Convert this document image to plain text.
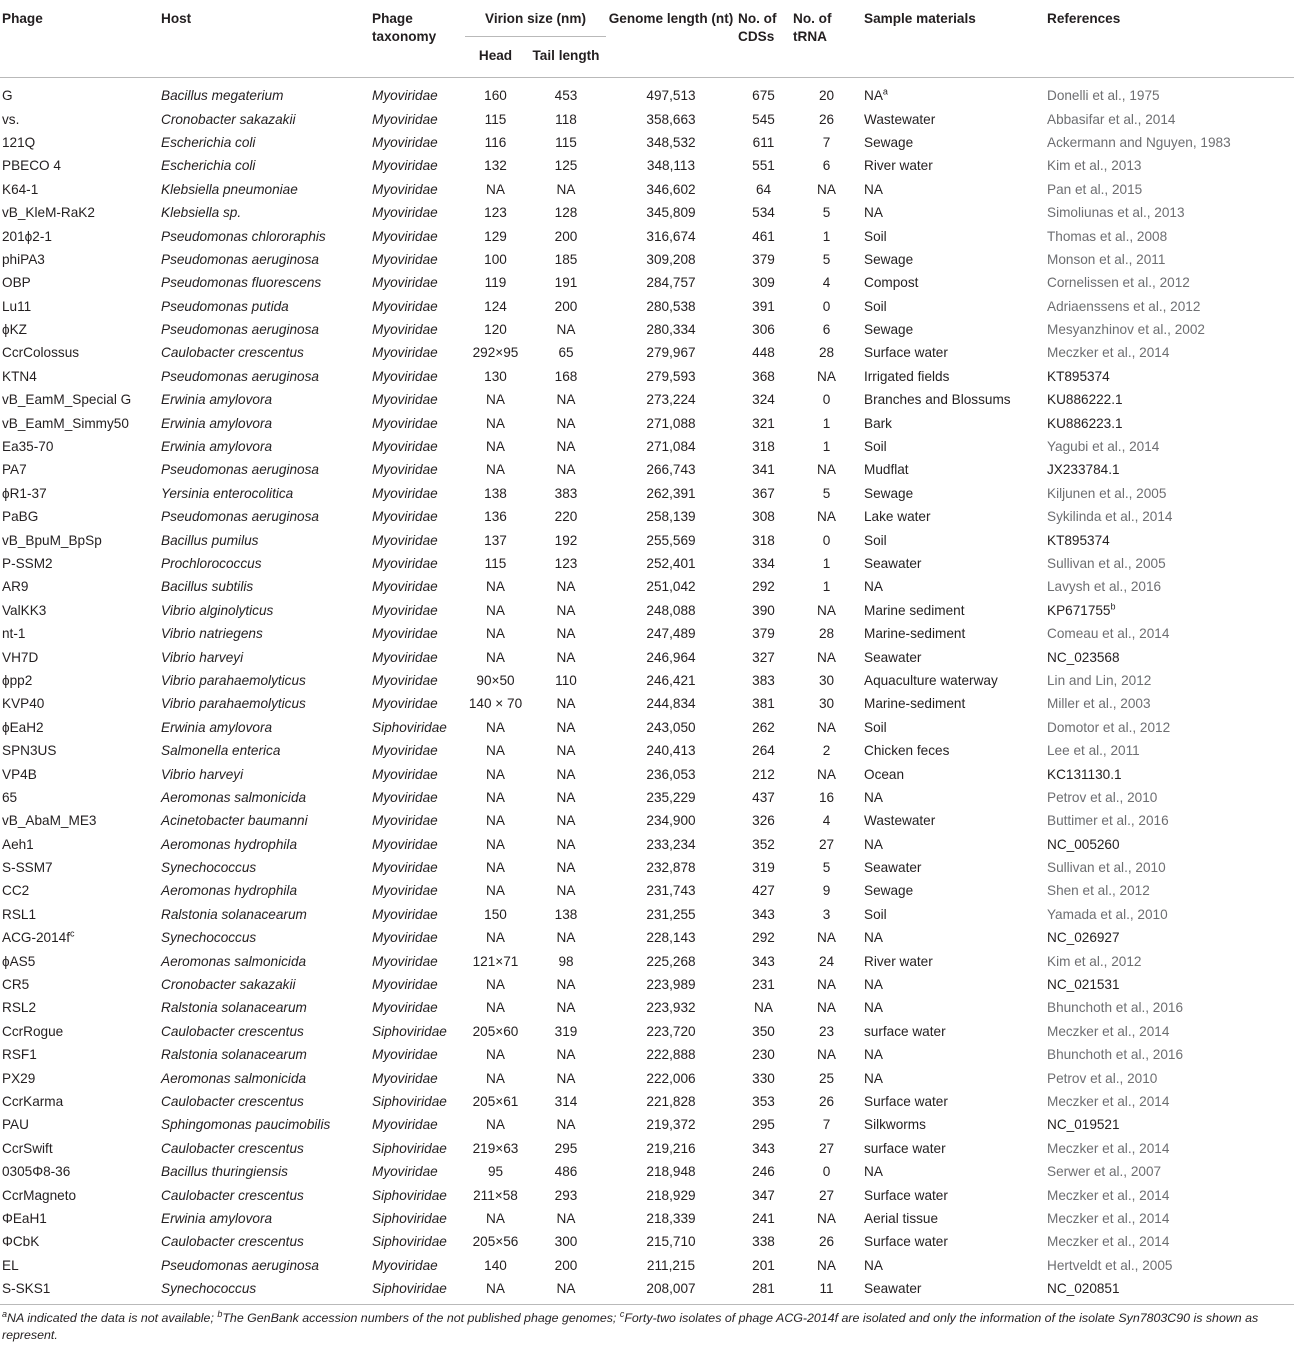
Phage	Host	Phage taxonomy	Virion size (nm)		Genome length (nt)	No. of CDSs	No. of tRNA	Sample materials	References
			Head	Tail length					
G	Bacillus megaterium	Myoviridae	160	453	497,513	675	20	$NA^a$	Donelli et al., 1975
vs.	Cronobacter sakazakii	Myoviridae	115	118	358,663	545	26	Wastewater	Abbasifar et al., 2014
121Q	Escherichia coli	Myoviridae	116	115	348,532	611	7	Sewage	Ackermann and Nguyen, 1983
PBECO 4	Escherichia coli	Myoviridae	132	125	348,113	551	6	River water	Kim et al., 2013
K64-1	Klebsiella pneumoniae	Myoviridae	NA	NA	346,602	64	NA	NA	Pan et al., 2015
vB_KleM-RaK2	Klebsiella sp.	Myoviridae	123	128	345,809	534	5	NA	Simoliunas et al., 2013
201ϕ2-1	Pseudomonas chlororaphis	Myoviridae	129	200	316,674	461	1	Soil	Thomas et al., 2008
phiPA3	Pseudomonas aeruginosa	Myoviridae	100	185	309,208	379	5	Sewage	Monson et al., 2011
OBP	Pseudomonas fluorescens	Myoviridae	119	191	284,757	309	4	Compost	Cornelissen et al., 2012
Lu11	Pseudomonas putida	Myoviridae	124	200	280,538	391	0	Soil	Adriaenssens et al., 2012
ϕKZ	Pseudomonas aeruginosa	Myoviridae	120	NA	280,334	306	6	Sewage	Mesyanzhinov et al., 2002
CcrColossus	Caulobacter crescentus	Myoviridae	292×95	65	279,967	448	28	Surface water	Meczker et al., 2014
KTN4	Pseudomonas aeruginosa	Myoviridae	130	168	279,593	368	NA	Irrigated fields	KT895374
vB_EamM_Special G	Erwinia amylovora	Myoviridae	NA	NA	273,224	324	0	Branches and Blossums	KU886222.1
vB_EamM_Simmy50	Erwinia amylovora	Myoviridae	NA	NA	271,088	321	1	Bark	KU886223.1
Ea35-70	Erwinia amylovora	Myoviridae	NA	NA	271,084	318	1	Soil	Yagubi et al., 2014
PA7	Pseudomonas aeruginosa	Myoviridae	NA	NA	266,743	341	NA	Mudflat	JX233784.1
ϕR1-37	Yersinia enterocolitica	Myoviridae	138	383	262,391	367	5	Sewage	Kiljunen et al., 2005
PaBG	Pseudomonas aeruginosa	Myoviridae	136	220	258,139	308	NA	Lake water	Sykilinda et al., 2014
vB_BpuM_BpSp	Bacillus pumilus	Myoviridae	137	192	255,569	318	0	Soil	KT895374
P-SSM2	Prochlorococcus	Myoviridae	115	123	252,401	334	1	Seawater	Sullivan et al., 2005
AR9	Bacillus subtilis	Myoviridae	NA	NA	251,042	292	1	NA	Lavysh et al., 2016
ValKK3	Vibrio alginolyticus	Myoviridae	NA	NA	248,088	390	NA	Marine sediment	KP671755$^b$
nt-1	Vibrio natriegens	Myoviridae	NA	NA	247,489	379	28	Marine-sediment	Comeau et al., 2014
VH7D	Vibrio harveyi	Myoviridae	NA	NA	246,964	327	NA	Seawater	NC_023568
ϕpp2	Vibrio parahaemolyticus	Myoviridae	90×50	110	246,421	383	30	Aquaculture waterway	Lin and Lin, 2012
KVP40	Vibrio parahaemolyticus	Myoviridae	140 × 70	NA	244,834	381	30	Marine-sediment	Miller et al., 2003
ϕEaH2	Erwinia amylovora	Siphoviridae	NA	NA	243,050	262	NA	Soil	Domotor et al., 2012
SPN3US	Salmonella enterica	Myoviridae	NA	NA	240,413	264	2	Chicken feces	Lee et al., 2011
VP4B	Vibrio harveyi	Myoviridae	NA	NA	236,053	212	NA	Ocean	KC131130.1
65	Aeromonas salmonicida	Myoviridae	NA	NA	235,229	437	16	NA	Petrov et al., 2010
vB_AbaM_ME3	Acinetobacter baumanni	Myoviridae	NA	NA	234,900	326	4	Wastewater	Buttimer et al., 2016
Aeh1	Aeromonas hydrophila	Myoviridae	NA	NA	233,234	352	27	NA	NC_005260
S-SSM7	Synechococcus	Myoviridae	NA	NA	232,878	319	5	Seawater	Sullivan et al., 2010
CC2	Aeromonas hydrophila	Myoviridae	NA	NA	231,743	427	9	Sewage	Shen et al., 2012
RSL1	Ralstonia solanacearum	Myoviridae	150	138	231,255	343	3	Soil	Yamada et al., 2010
ACG-$2014f^c$	Synechococcus	Myoviridae	NA	NA	228,143	292	NA	NA	NC_026927
ϕAS5	Aeromonas salmonicida	Myoviridae	121×71	98	225,268	343	24	River water	Kim et al., 2012
CR5	Cronobacter sakazakii	Myoviridae	NA	NA	223,989	231	NA	NA	NC_021531
RSL2	Ralstonia solanacearum	Myoviridae	NA	NA	223,932	NA	NA	NA	Bhunchoth et al., 2016
CcrRogue	Caulobacter crescentus	Siphoviridae	205×60	319	223,720	350	23	surface water	Meczker et al., 2014
RSF1	Ralstonia solanacearum	Myoviridae	NA	NA	222,888	230	NA	NA	Bhunchoth et al., 2016
PX29	Aeromonas salmonicida	Myoviridae	NA	NA	222,006	330	25	NA	Petrov et al., 2010
CcrKarma	Caulobacter crescentus	Siphoviridae	205×61	314	221,828	353	26	Surface water	Meczker et al., 2014
PAU	Sphingomonas paucimobilis	Myoviridae	NA	NA	219,372	295	7	Silkworms	NC_019521
CcrSwift	Caulobacter crescentus	Siphoviridae	219×63	295	219,216	343	27	surface water	Meczker et al., 2014
0305Φ8-36	Bacillus thuringiensis	Myoviridae	95	486	218,948	246	0	NA	Serwer et al., 2007
CcrMagneto	Caulobacter crescentus	Siphoviridae	211×58	293	218,929	347	27	Surface water	Meczker et al., 2014
ΦEaH1	Erwinia amylovora	Siphoviridae	NA	NA	218,339	241	NA	Aerial tissue	Meczker et al., 2014
ΦCbK	Caulobacter crescentus	Siphoviridae	205×56	300	215,710	338	26	Surface water	Meczker et al., 2014
EL	Pseudomonas aeruginosa	Myoviridae	140	200	211,215	201	NA	NA	Hertveldt et al., 2005
S-SKS1	Synechococcus	Siphoviridae	NA	NA	208,007	281	11	Seawater	NC_020851
$^a$NA indicated the data is not available; $^b$The GenBank accession numbers of the not published phage genomes; $^c$Forty-two isolates of phage ACG-2014f are isolated and only the information of the isolate Syn7803C90 is shown as represent.
